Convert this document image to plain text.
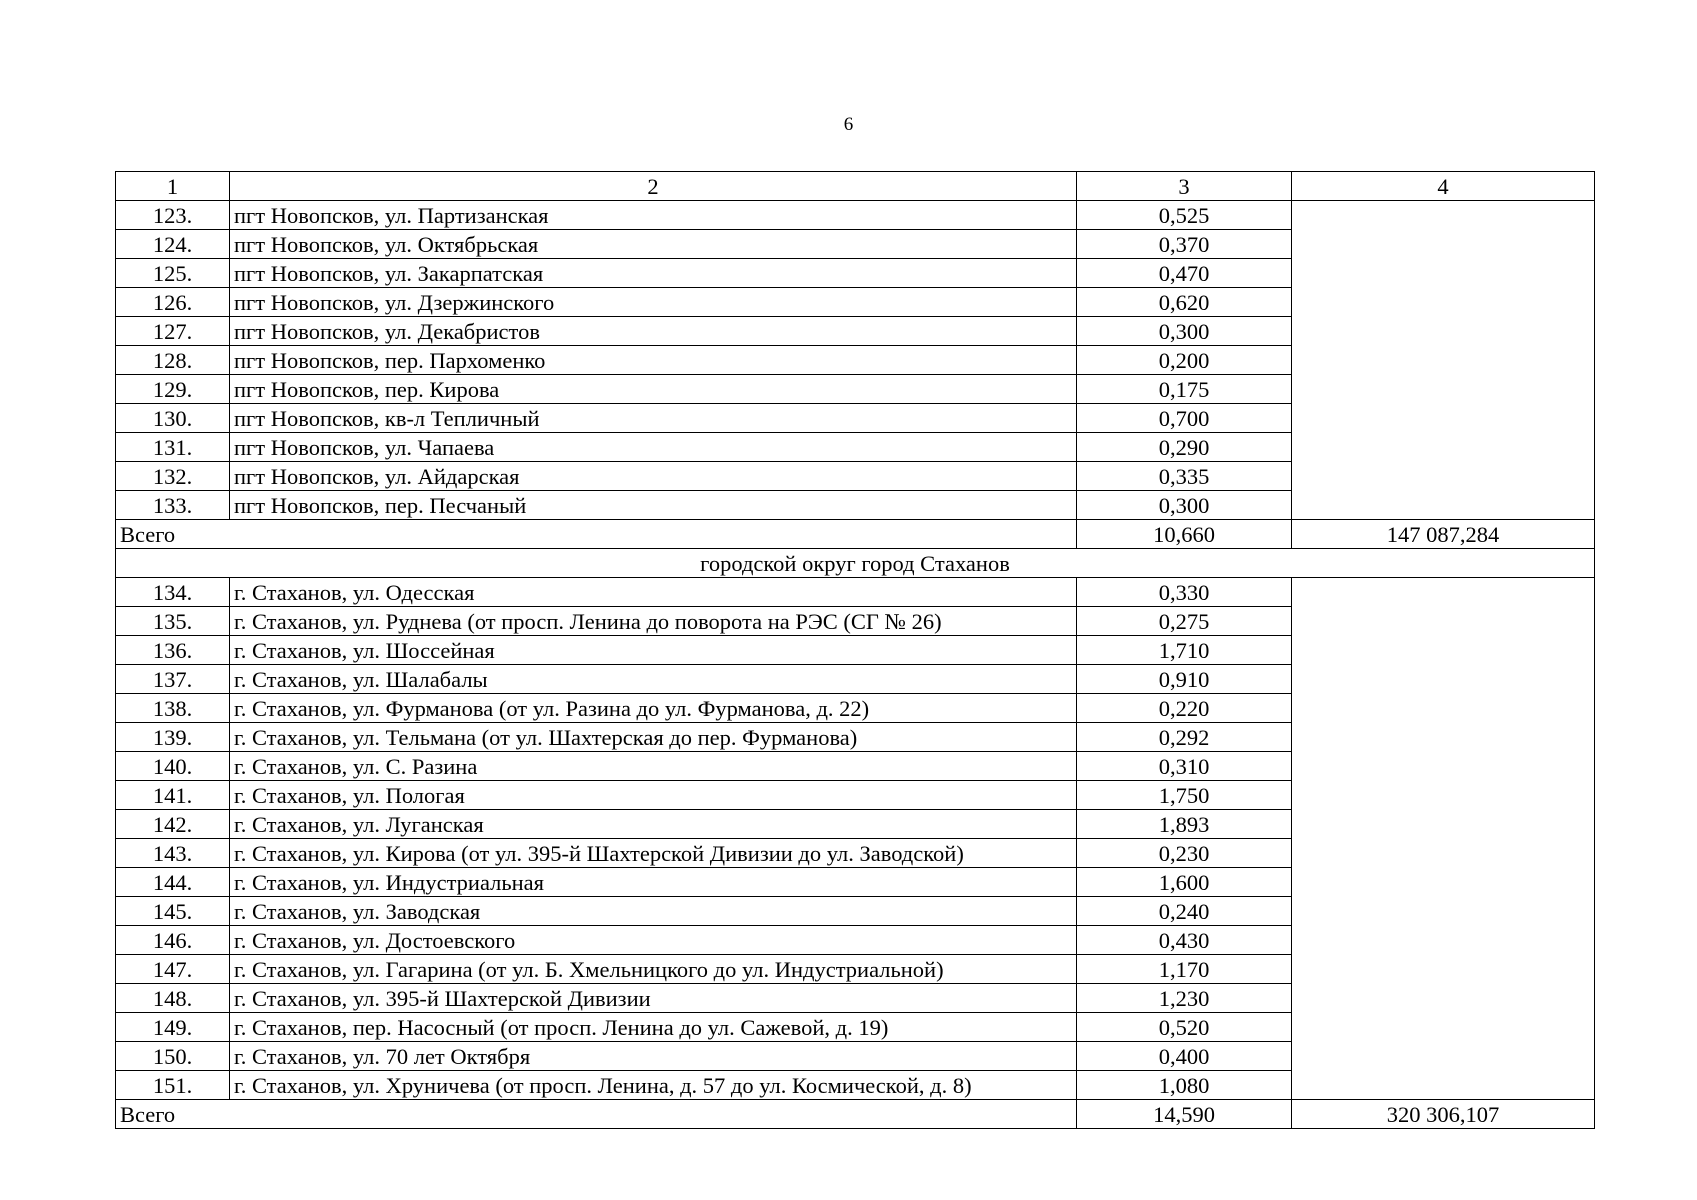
6
1	2	3	4
123.	пгт Новопсков, ул. Партизанская	0,525	
124.	пгт Новопсков, ул. Октябрьская	0,370	
125.	пгт Новопсков, ул. Закарпатская	0,470	
126.	пгт Новопсков, ул. Дзержинского	0,620	
127.	пгт Новопсков, ул. Декабристов	0,300	
128.	пгт Новопсков, пер. Пархоменко	0,200	
129.	пгт Новопсков, пер. Кирова	0,175	
130.	пгт Новопсков, кв-л Тепличный	0,700	
131.	пгт Новопсков, ул. Чапаева	0,290	
132.	пгт Новопсков, ул. Айдарская	0,335	
133.	пгт Новопсков, пер. Песчаный	0,300	
Всего		10,660	147 087,284
городской округ город Стаханов			
134.	г. Стаханов, ул. Одесская	0,330	
135.	г. Стаханов, ул. Руднева (от просп. Ленина до поворота на РЭС (СГ № 26)	0,275	
136.	г. Стаханов, ул. Шоссейная	1,710	
137.	г. Стаханов, ул. Шалабалы	0,910	
138.	г. Стаханов, ул. Фурманова (от ул. Разина до ул. Фурманова, д. 22)	0,220	
139.	г. Стаханов, ул. Тельмана (от ул. Шахтерская до пер. Фурманова)	0,292	
140.	г. Стаханов, ул. С. Разина	0,310	
141.	г. Стаханов, ул. Пологая	1,750	
142.	г. Стаханов, ул. Луганская	1,893	
143.	г. Стаханов, ул. Кирова (от ул. 395-й Шахтерской Дивизии до ул. Заводской)	0,230	
144.	г. Стаханов, ул. Индустриальная	1,600	
145.	г. Стаханов, ул. Заводская	0,240	
146.	г. Стаханов, ул. Достоевского	0,430	
147.	г. Стаханов, ул. Гагарина (от ул. Б. Хмельницкого до ул. Индустриальной)	1,170	
148.	г. Стаханов, ул. 395-й Шахтерской Дивизии	1,230	
149.	г. Стаханов, пер. Насосный (от просп. Ленина до ул. Сажевой, д. 19)	0,520	
150.	г. Стаханов, ул. 70 лет Октября	0,400	
151.	г. Стаханов, ул. Хруничева (от просп. Ленина, д. 57 до ул. Космической, д. 8)	1,080	
Всего		14,590	320 306,107
